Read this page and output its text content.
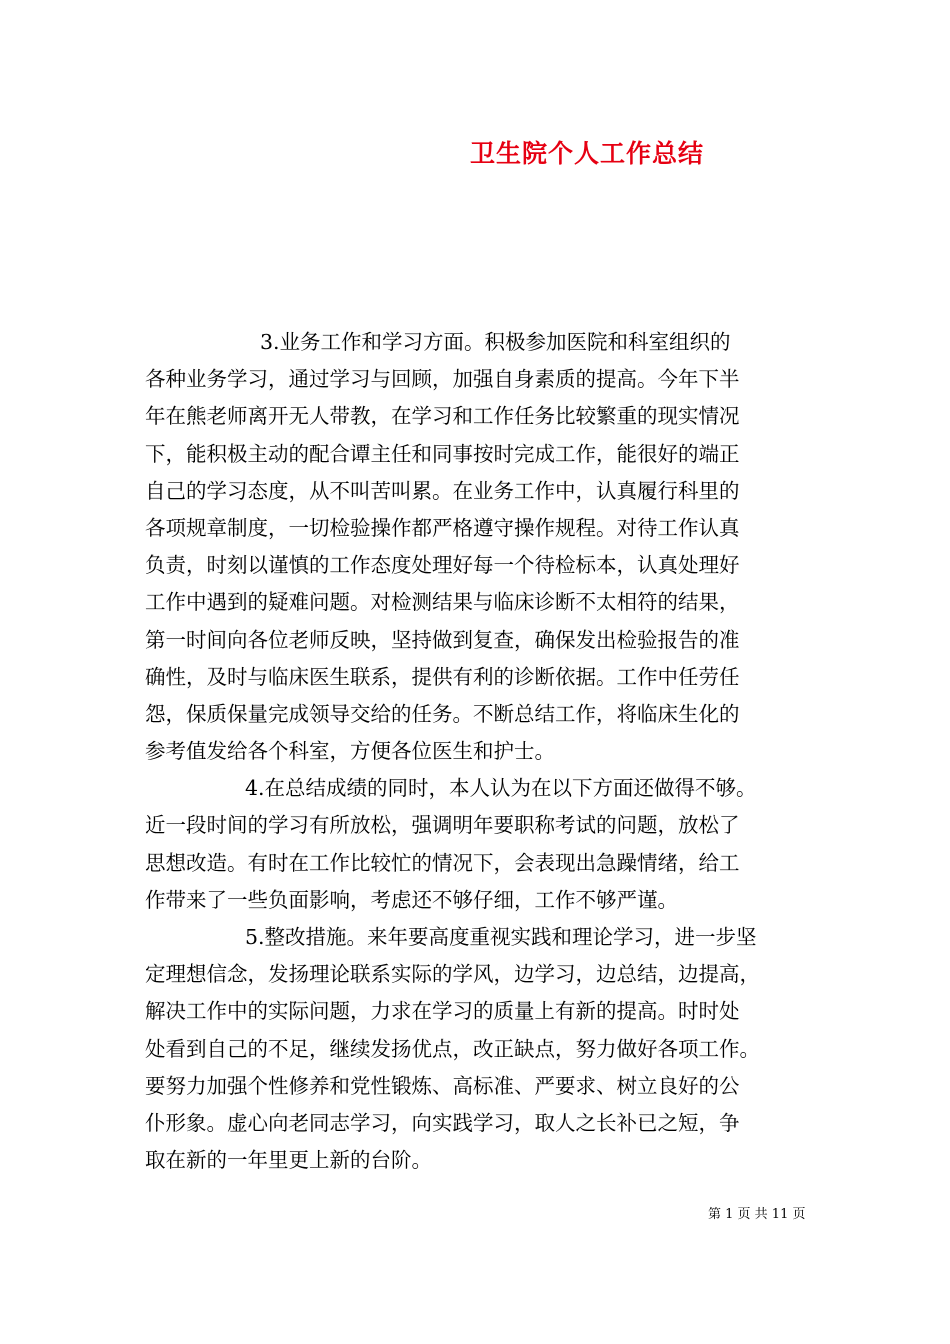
卫生院个人工作总结
3.业务工作和学习方面。积极参加医院和科室组织的
各种业务学习，通过学习与回顾，加强自身素质的提高。今年下半
年在熊老师离开无人带教，在学习和工作任务比较繁重的现实情况
下，能积极主动的配合谭主任和同事按时完成工作，能很好的端正
自己的学习态度，从不叫苦叫累。在业务工作中，认真履行科里的
各项规章制度，一切检验操作都严格遵守操作规程。对待工作认真
负责，时刻以谨慎的工作态度处理好每一个待检标本，认真处理好
工作中遇到的疑难问题。对检测结果与临床诊断不太相符的结果，
第一时间向各位老师反映，坚持做到复查，确保发出检验报告的准
确性，及时与临床医生联系，提供有利的诊断依据。工作中任劳任
怨，保质保量完成领导交给的任务。不断总结工作，将临床生化的
参考值发给各个科室，方便各位医生和护士。
4.在总结成绩的同时，本人认为在以下方面还做得不够。
近一段时间的学习有所放松，强调明年要职称考试的问题，放松了
思想改造。有时在工作比较忙的情况下，会表现出急躁情绪，给工
作带来了一些负面影响，考虑还不够仔细，工作不够严谨。
5.整改措施。来年要高度重视实践和理论学习，进一步坚
定理想信念，发扬理论联系实际的学风，边学习，边总结，边提高，
解决工作中的实际问题，力求在学习的质量上有新的提高。时时处
处看到自己的不足，继续发扬优点，改正缺点，努力做好各项工作。
要努力加强个性修养和党性锻炼、高标准、严要求、树立良好的公
仆形象。虚心向老同志学习，向实践学习，取人之长补已之短，争
取在新的一年里更上新的台阶。
第 1 页 共 11 页
